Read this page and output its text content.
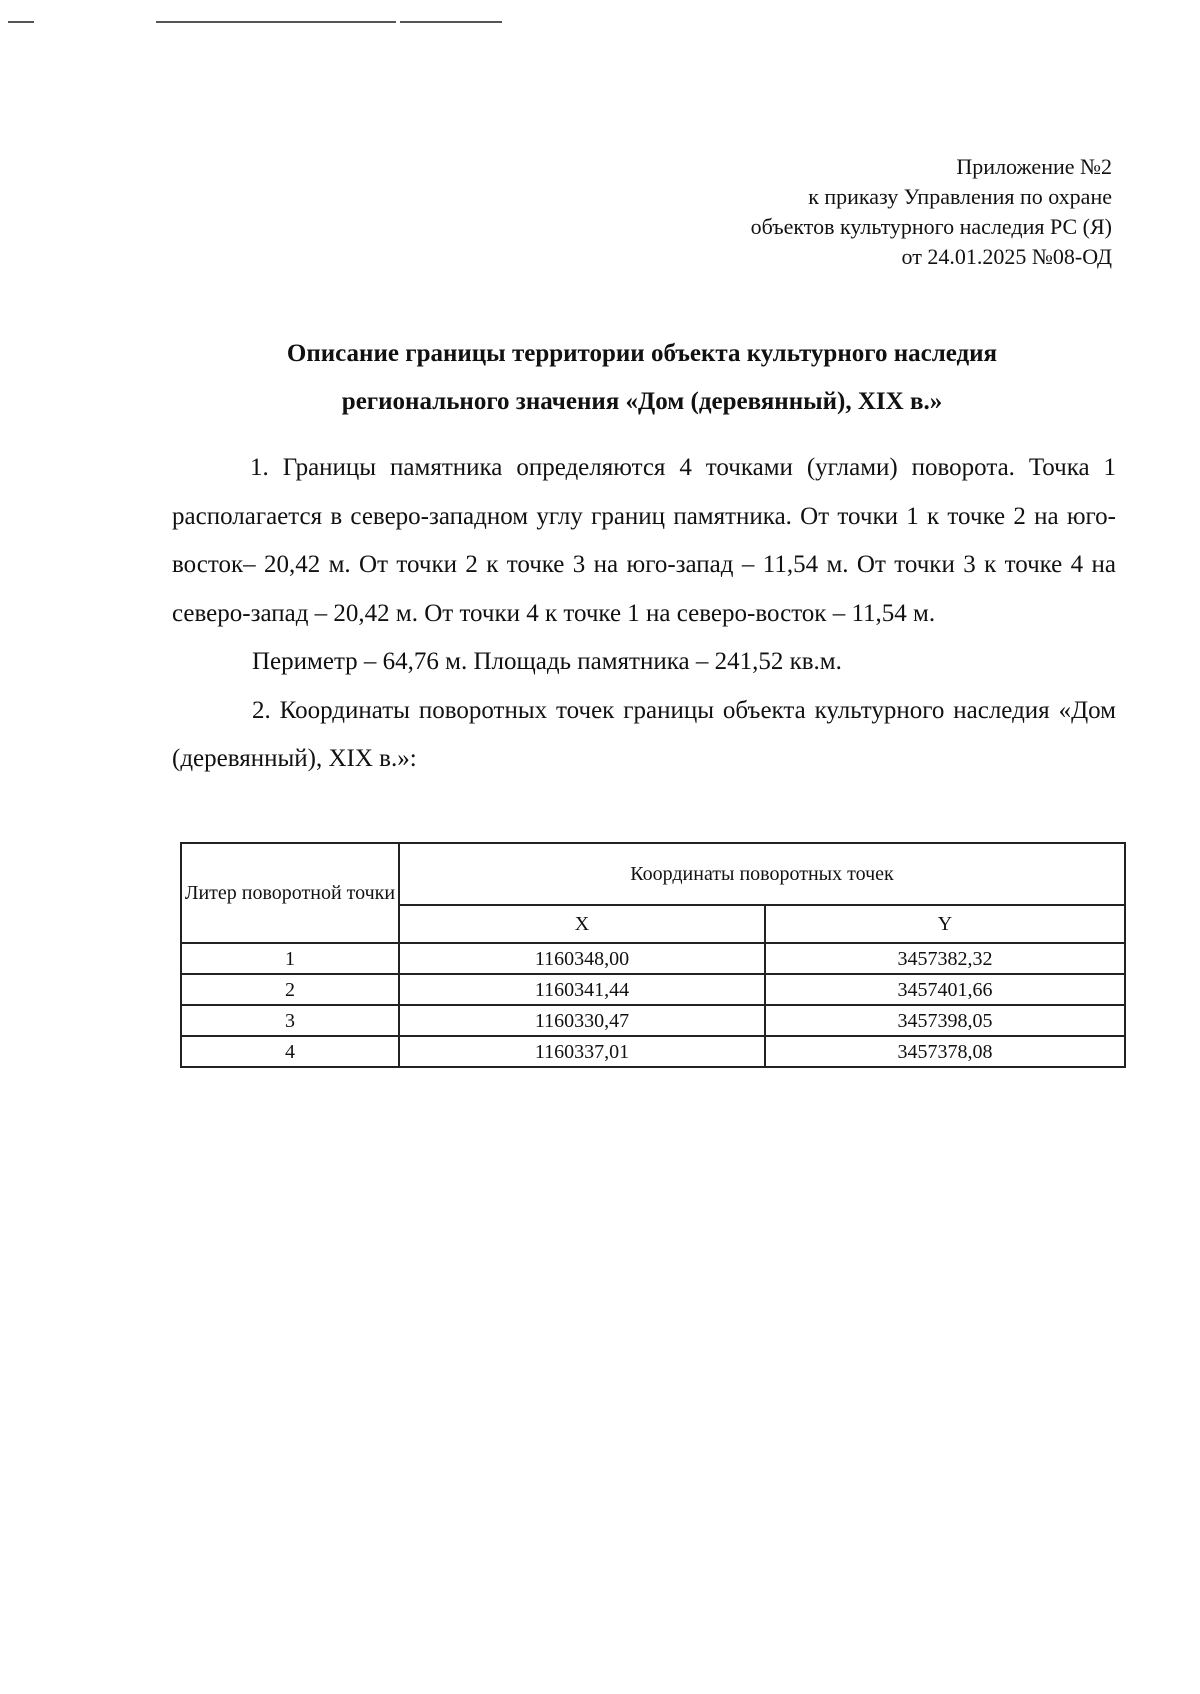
Приложение №2
к приказу Управления по охране
объектов культурного наследия РС (Я)
от 24.01.2025 №08-ОД
Описание границы территории объекта культурного наследия
регионального значения «Дом (деревянный), XIX в.»

1. Границы памятника определяются 4 точками (углами) поворота. Точка 1 располагается в северо-западном углу границ памятника. От точки 1 к точке 2 на юго-восток– 20,42 м. От точки 2 к точке 3 на юго-запад – 11,54 м. От точки 3 к точке 4 на северо-запад – 20,42 м. От точки 4 к точке 1 на северо-восток – 11,54 м.

Периметр – 64,76 м. Площадь памятника – 241,52 кв.м.

2. Координаты поворотных точек границы объекта культурного наследия «Дом (деревянный), XIX в.»:

Литер поворотной точки	Координаты поворотных точек	
	X	Y
1	1160348,00	3457382,32
2	1160341,44	3457401,66
3	1160330,47	3457398,05
4	1160337,01	3457378,08
